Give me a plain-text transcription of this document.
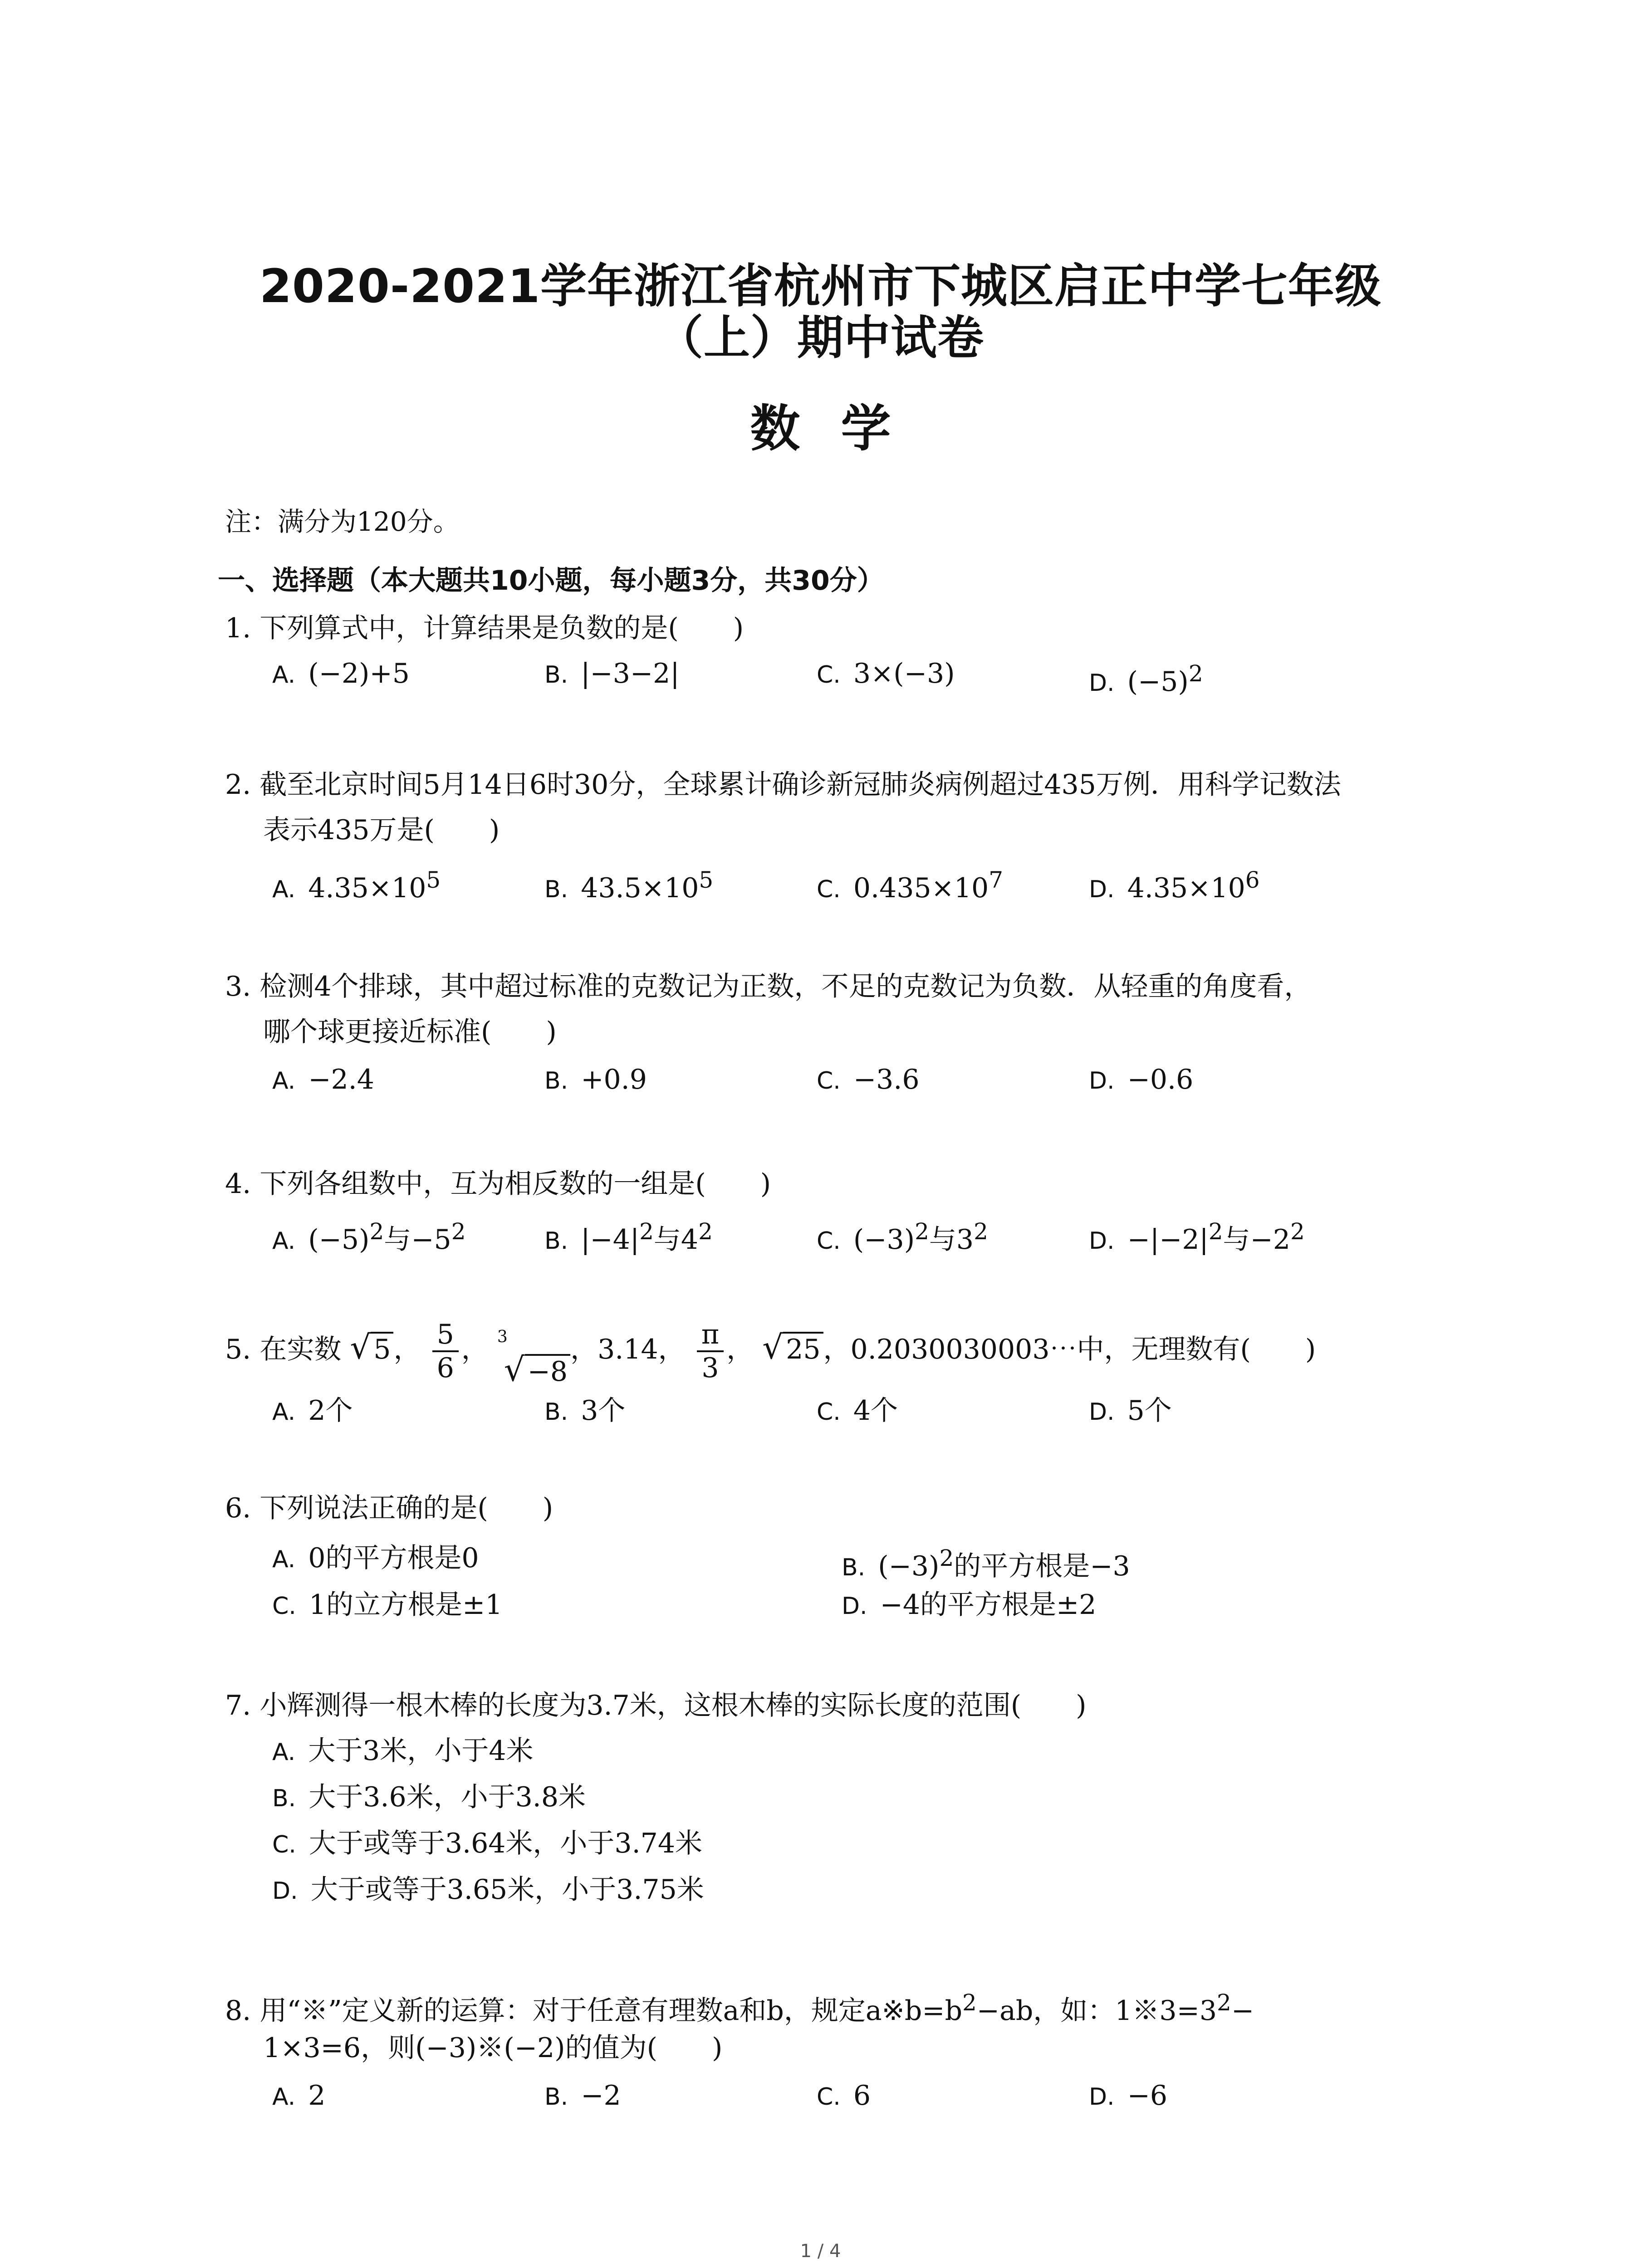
2020-2021学年浙江省杭州市下城区启正中学七年级
（上）期中试卷
数学
注：满分为120分。
一、选择题（本大题共10小题，每小题3分，共30分）
1. 下列算式中，计算结果是负数的是(　　)
A. (−2)+5	B. |−3−2|	C. 3×(−3)	D. $(-5)^2$
2. 截至北京时间5月14日6时30分，全球累计确诊新冠肺炎病例超过435万例．用科学记数法
表示435万是(　　)
A. $4.35\times 10^5$	B. $43.5\times 10^5$	C. $0.435\times 10^7$	D. $4.35\times 10^6$
3. 检测4个排球，其中超过标准的克数记为正数，不足的克数记为负数．从轻重的角度看，
哪个球更接近标准(　　)
A. −2.4	B. +0.9	C. −3.6	D. −0.6
4. 下列各组数中，互为相反数的一组是(　　)
A. $(-5)^2$与$-5^2$	B. $|-4|^2$与$4^2$	C. $(-3)^2$与$3^2$	D. $-|-2|^2$与$-2^2$
5. 在实数 √ 5 ， $\frac{5}{6}$ ， 3
√ −8
，3.14， $\frac{\pi}{3}$ ， √ 25 ，0.2030030003⋯中，无理数有(　　)
A. 2个	B. 3个	C. 4个	D. 5个
6. 下列说法正确的是(　　)
A. 0的平方根是0	B. $(-3)^2$的平方根是−3
C. 1的立方根是±1	D. −4的平方根是±2
7. 小辉测得一根木棒的长度为3.7米，这根木棒的实际长度的范围(　　)
A. 大于3米，小于4米
B. 大于3.6米，小于3.8米
C. 大于或等于3.64米，小于3.74米
D. 大于或等于3.65米，小于3.75米
8. 用“※”定义新的运算：对于任意有理数a和b，规定$a※b=b^2-ab$，如：$1※3=3^2-$
1×3=6，则(−3)※(−2)的值为(　　)
A. 2	B. −2	C. 6	D. −6
1 / 4
